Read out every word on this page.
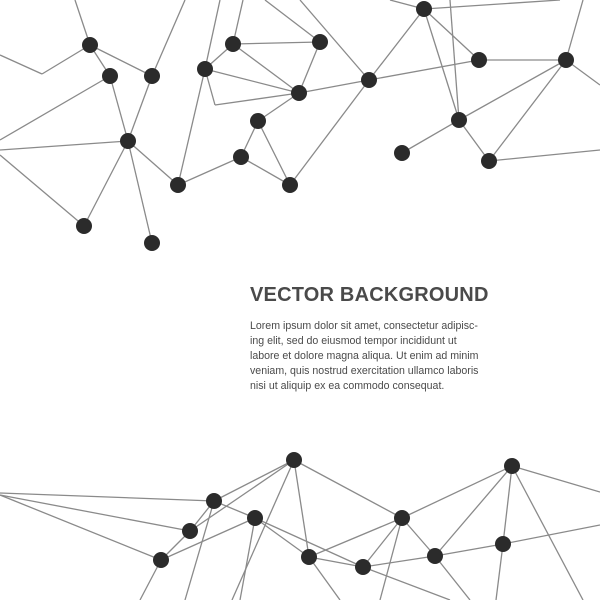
VECTOR BACKGROUND
Lorem ipsum dolor sit amet, consectetur adipisc-
ing elit, sed do eiusmod tempor incididunt ut
labore et dolore magna aliqua. Ut enim ad minim
veniam, quis nostrud exercitation ullamco laboris
nisi ut aliquip ex ea commodo consequat.
